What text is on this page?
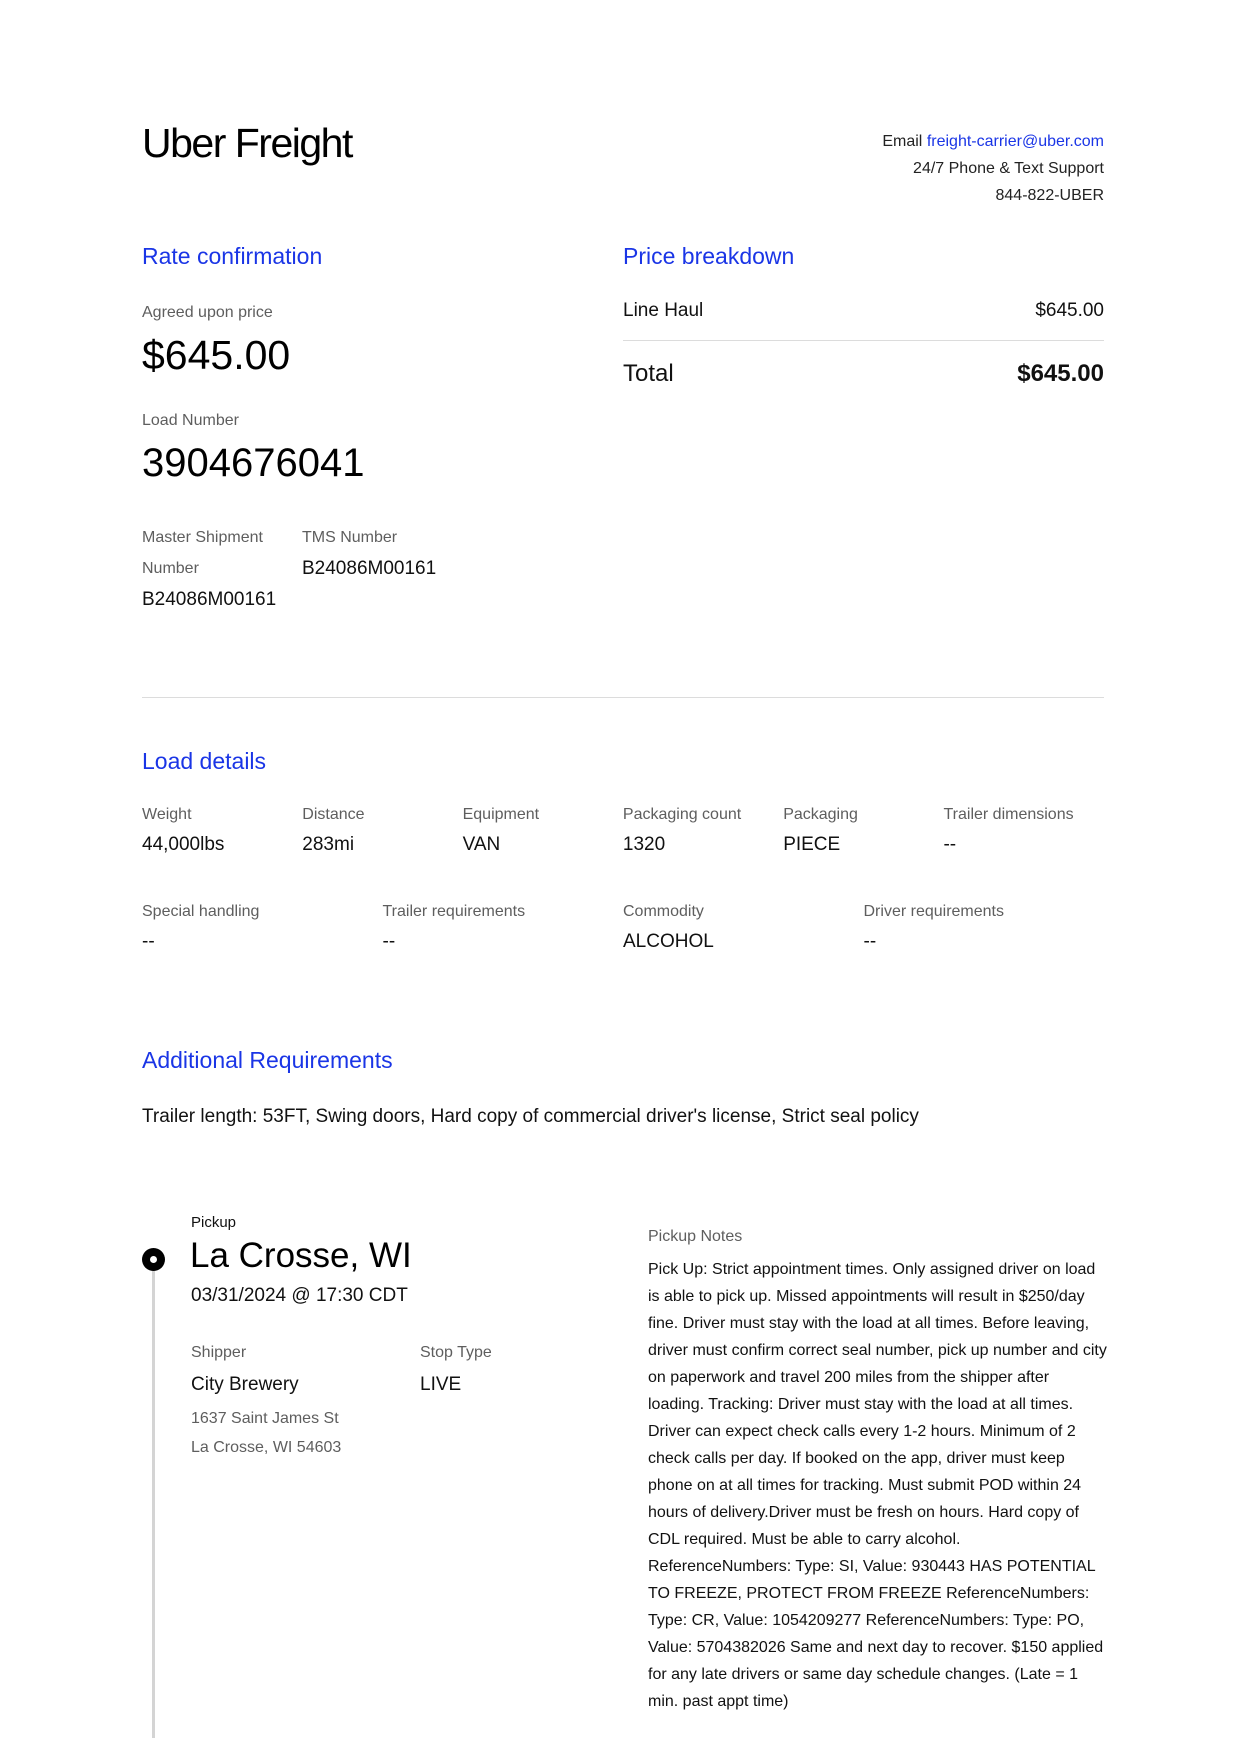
Uber Freight	Email freight-carrier@uber.com
24/7 Phone & Text Support
844-822-UBER
Rate confirmation
Agreed upon price
$645.00
Load Number
3904676041
Master Shipment Number
B24086M00161
TMS Number
B24086M00161
Price breakdown
Line Haul	$645.00
Total	$645.00
Load details
Weight
44,000lbs
Distance
283mi
Equipment
VAN
Packaging count
1320
Packaging
PIECE
Trailer dimensions
--
Special handling
--
Trailer requirements
--
Commodity
ALCOHOL
Driver requirements
--
Additional Requirements
Trailer length: 53FT, Swing doors, Hard copy of commercial driver's license, Strict seal policy
Pickup
La Crosse, WI
03/31/2024 @ 17:30 CDT
Shipper
City Brewery
1637 Saint James St
La Crosse, WI 54603
Stop Type
LIVE
Pickup Notes
Pick Up: Strict appointment times. Only assigned driver on load is able to pick up. Missed appointments will result in $250/day fine. Driver must stay with the load at all times. Before leaving, driver must confirm correct seal number, pick up number and city on paperwork and travel 200 miles from the shipper after loading. Tracking: Driver must stay with the load at all times. Driver can expect check calls every 1-2 hours. Minimum of 2 check calls per day. If booked on the app, driver must keep phone on at all times for tracking. Must submit POD within 24 hours of delivery.Driver must be fresh on hours. Hard copy of CDL required. Must be able to carry alcohol. ReferenceNumbers: Type: SI, Value: 930443 HAS POTENTIAL TO FREEZE, PROTECT FROM FREEZE ReferenceNumbers: Type: CR, Value: 1054209277 ReferenceNumbers: Type: PO, Value: 5704382026 Same and next day to recover. $150 applied for any late drivers or same day schedule changes. (Late = 1 min. past appt time)
